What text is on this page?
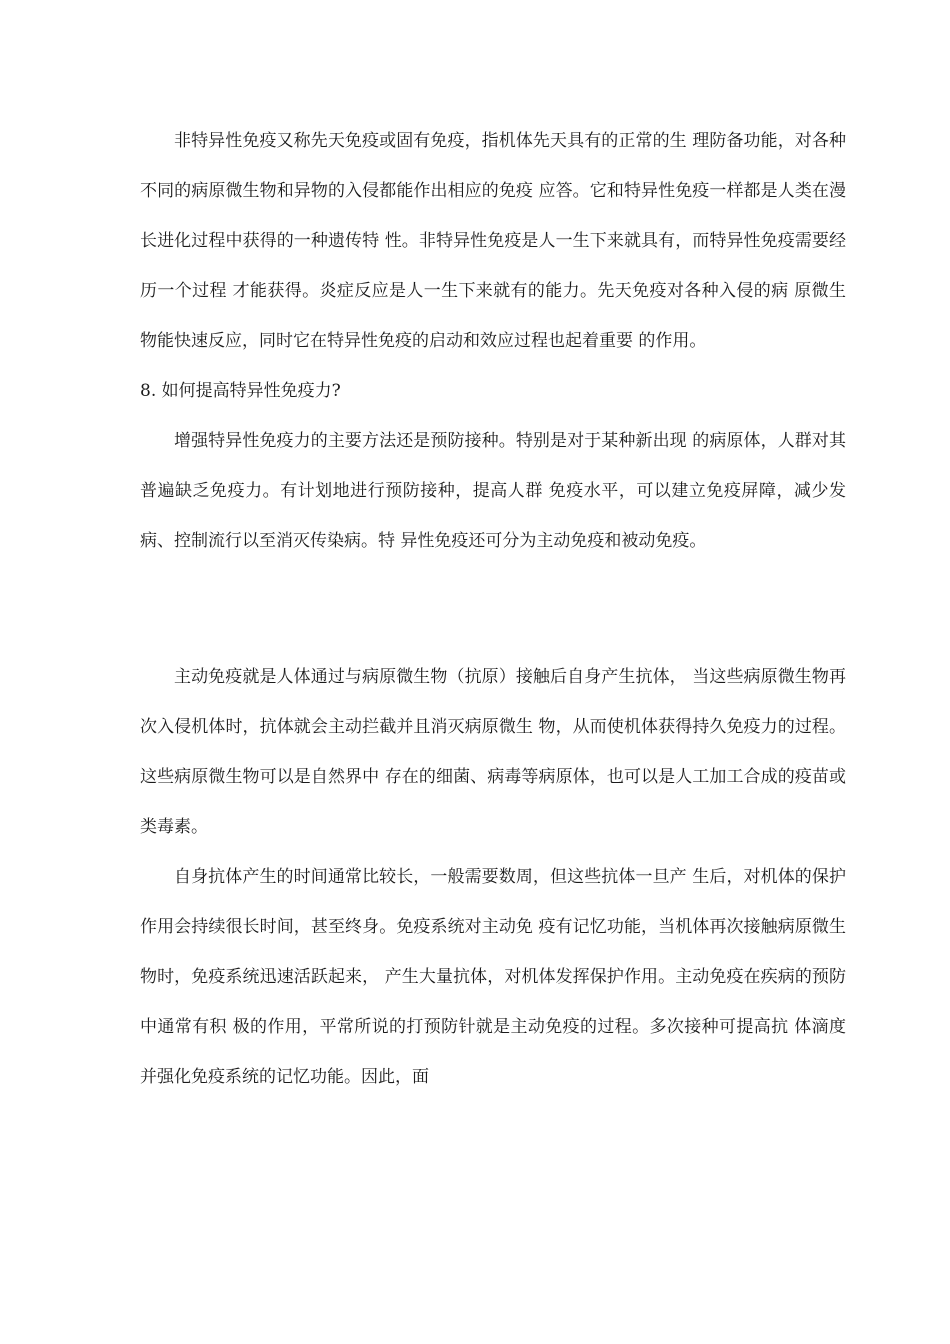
非特异性免疫又称先天免疫或固有免疫，指机体先天具有的正常的生 理防备功能，对各种不同的病原微生物和异物的入侵都能作出相应的免疫 应答。它和特异性免疫一样都是人类在漫长进化过程中获得的一种遗传特 性。非特异性免疫是人一生下来就具有，而特异性免疫需要经历一个过程 才能获得。炎症反应是人一生下来就有的能力。先天免疫对各种入侵的病 原微生物能快速反应，同时它在特异性免疫的启动和效应过程也起着重要 的作用。

8. 如何提高特异性免疫力?

增强特异性免疫力的主要方法还是预防接种。特别是对于某种新出现 的病原体，人群对其普遍缺乏免疫力。有计划地进行预防接种，提高人群 免疫水平，可以建立免疫屏障，减少发病、控制流行以至消灭传染病。特 异性免疫还可分为主动免疫和被动免疫。

主动免疫就是人体通过与病原微生物（抗原）接触后自身产生抗体， 当这些病原微生物再次入侵机体时，抗体就会主动拦截并且消灭病原微生 物，从而使机体获得持久免疫力的过程。这些病原微生物可以是自然界中 存在的细菌、病毒等病原体，也可以是人工加工合成的疫苗或类毒素。

自身抗体产生的时间通常比较长，一般需要数周，但这些抗体一旦产 生后，对机体的保护作用会持续很长时间，甚至终身。免疫系统对主动免 疫有记忆功能，当机体再次接触病原微生物时，免疫系统迅速活跃起来， 产生大量抗体，对机体发挥保护作用。主动免疫在疾病的预防中通常有积 极的作用，平常所说的打预防针就是主动免疫的过程。多次接种可提高抗 体滴度并强化免疫系统的记忆功能。因此，面
